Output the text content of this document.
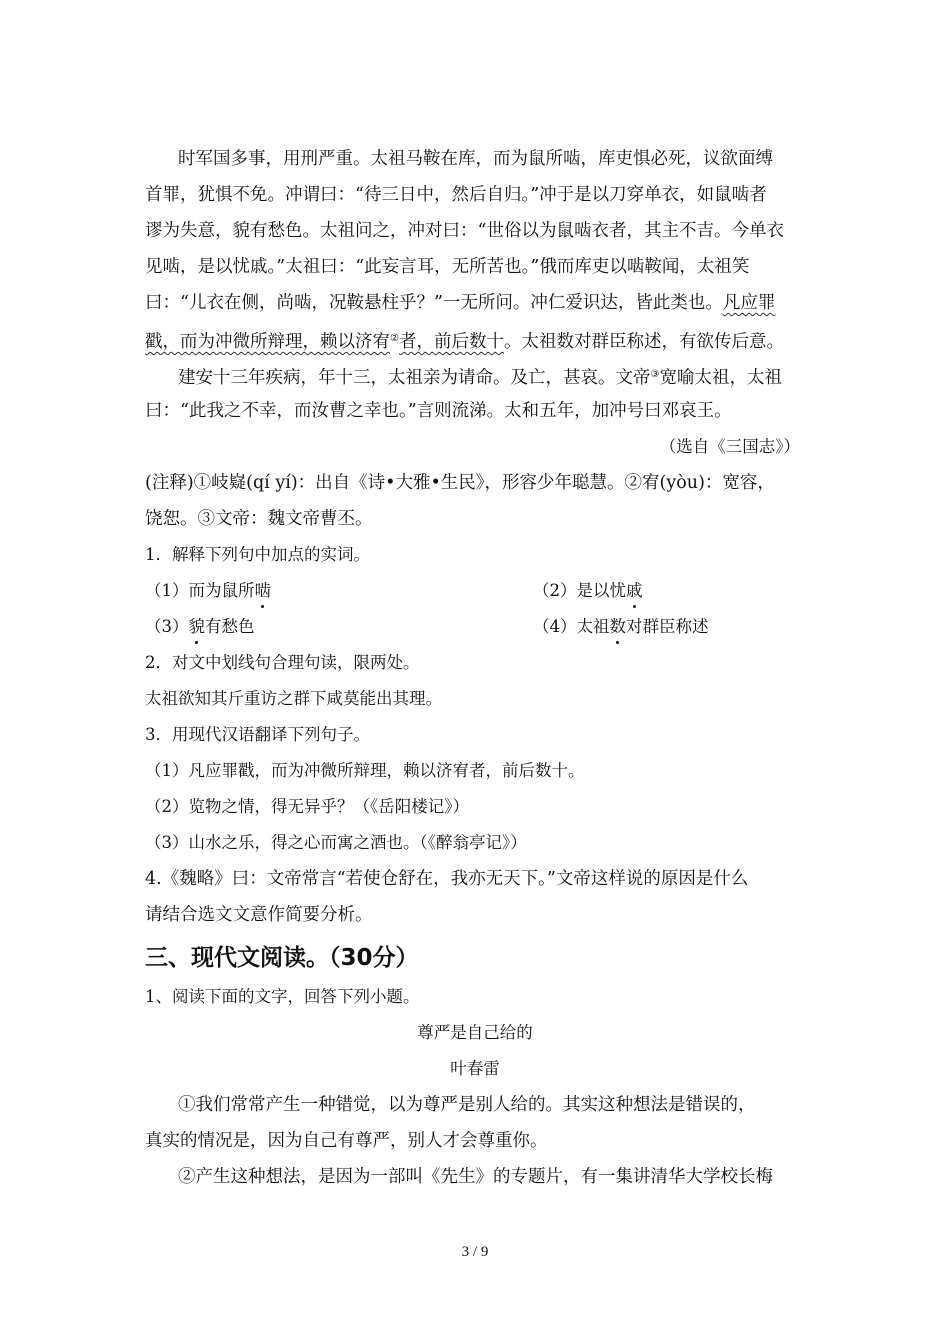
时军国多事，用刑严重。太祖马鞍在库，而为鼠所啮，库吏惧必死，议欲面缚
首罪，犹惧不免。冲谓曰：“待三日中，然后自归。”冲于是以刀穿单衣，如鼠啮者
谬为失意，貌有愁色。太祖问之，冲对曰：“世俗以为鼠啮衣者，其主不吉。今单衣
见啮，是以忧戚。”太祖曰：“此妄言耳，无所苦也。”俄而库吏以啮鞍闻，太祖笑
曰：“儿衣在侧，尚啮，况鞍悬柱乎？”一无所问。冲仁爱识达，皆此类也。凡应罪
戳，而为冲微所辩理，赖以济宥②者，前后数十。太祖数对群臣称述，有欲传后意。
建安十三年疾病，年十三，太祖亲为请命。及亡，甚哀。文帝③宽喻太祖，太祖
曰：“此我之不幸，而汝曹之幸也。”言则流涕。太和五年，加冲号曰邓哀王。
（选自《三国志》）
(注释)①岐嶷(qí yí)：出自《诗•大雅•生民》，形容少年聪慧。②宥(yòu)：宽容，
饶恕。③文帝：魏文帝曹丕。
1．解释下列句中加点的实词。
（1）而为鼠所啮	（2）是以忧戚
（3）貌有愁色	（4）太祖数对群臣称述
2．对文中划线句合理句读，限两处。
太祖欲知其斤重访之群下咸莫能出其理。
3．用现代汉语翻译下列句子。
（1）凡应罪戳，而为冲微所辩理，赖以济宥者，前后数十。
（2）览物之情，得无异乎？（《岳阳楼记》）
（3）山水之乐，得之心而寓之酒也。（《醉翁亭记》）
4.《魏略》曰：文帝常言“若使仓舒在，我亦无天下。”文帝这样说的原因是什么
请结合选文文意作简要分析。
三、现代文阅读。（30分）
1、阅读下面的文字，回答下列小题。
尊严是自己给的
叶春雷
①我们常常产生一种错觉，以为尊严是别人给的。其实这种想法是错误的，
真实的情况是，因为自己有尊严，别人才会尊重你。
②产生这种想法，是因为一部叫《先生》的专题片，有一集讲清华大学校长梅
3 / 9
